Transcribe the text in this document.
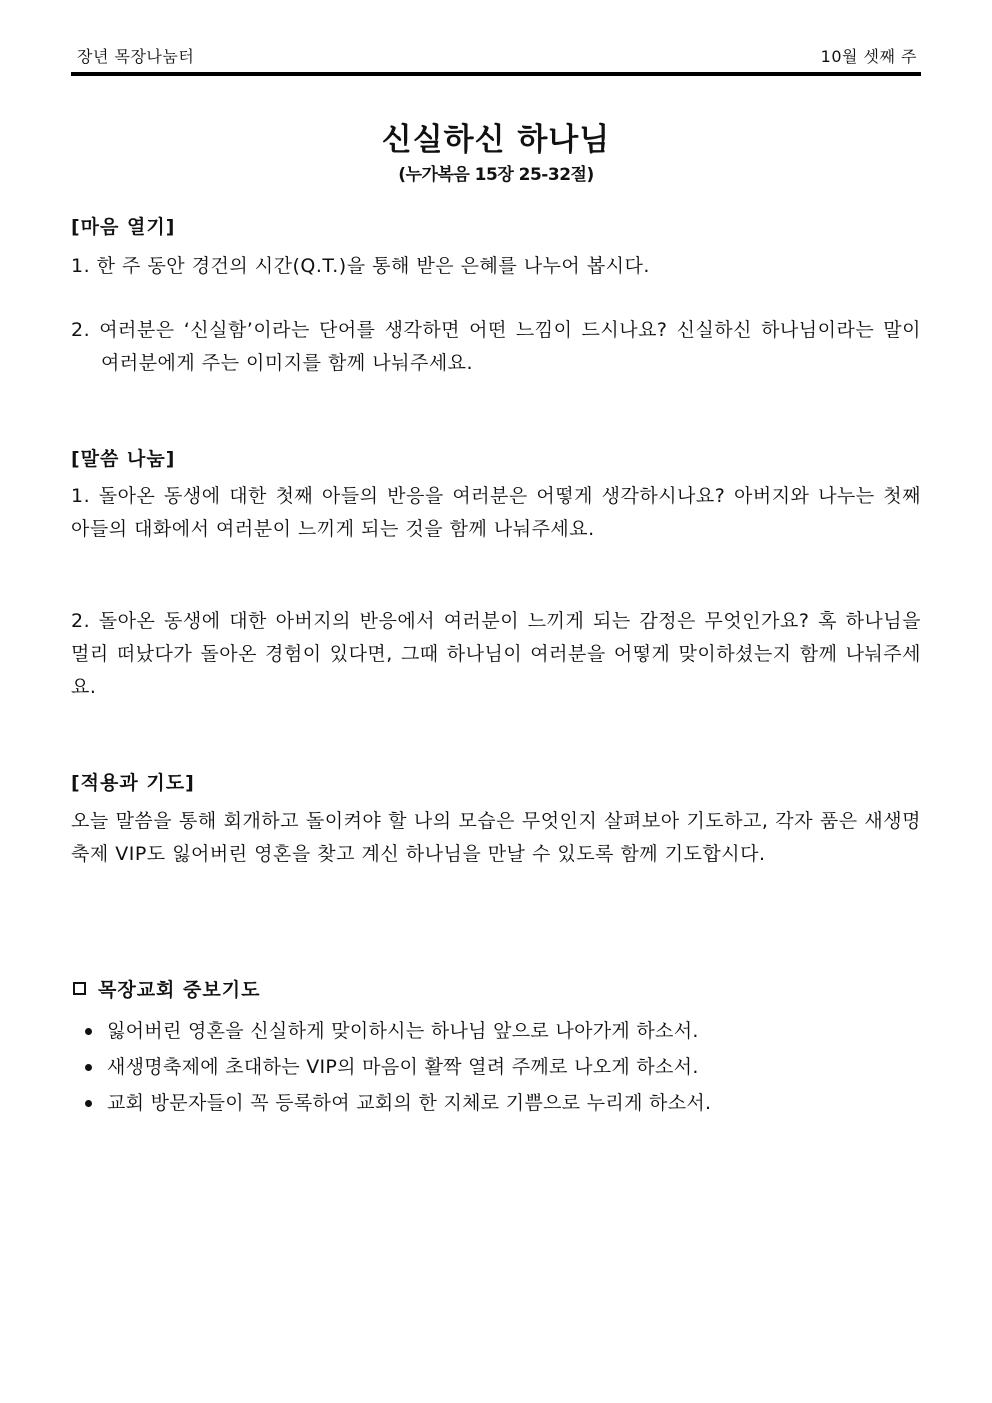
장년 목장나눔터	10월 셋째 주
신실하신 하나님
(누가복음 15장 25-32절)
[마음 열기]
1. 한 주 동안 경건의 시간(Q.T.)을 통해 받은 은혜를 나누어 봅시다.
2. 여러분은 ‘신실함’이라는 단어를 생각하면 어떤 느낌이 드시나요? 신실하신 하나님이라는 말이 여러분에게 주는 이미지를 함께 나눠주세요.
[말씀 나눔]
1. 돌아온 동생에 대한 첫째 아들의 반응을 여러분은 어떻게 생각하시나요? 아버지와 나누는 첫째 아들의 대화에서 여러분이 느끼게 되는 것을 함께 나눠주세요.
2. 돌아온 동생에 대한 아버지의 반응에서 여러분이 느끼게 되는 감정은 무엇인가요? 혹 하나님을 멀리 떠났다가 돌아온 경험이 있다면, 그때 하나님이 여러분을 어떻게 맞이하셨는지 함께 나눠주세요.
[적용과 기도]
오늘 말씀을 통해 회개하고 돌이켜야 할 나의 모습은 무엇인지 살펴보아 기도하고, 각자 품은 새생명축제 VIP도 잃어버린 영혼을 찾고 계신 하나님을 만날 수 있도록 함께 기도합시다.
목장교회 중보기도
잃어버린 영혼을 신실하게 맞이하시는 하나님 앞으로 나아가게 하소서.
새생명축제에 초대하는 VIP의 마음이 활짝 열려 주께로 나오게 하소서.
교회 방문자들이 꼭 등록하여 교회의 한 지체로 기쁨으로 누리게 하소서.
